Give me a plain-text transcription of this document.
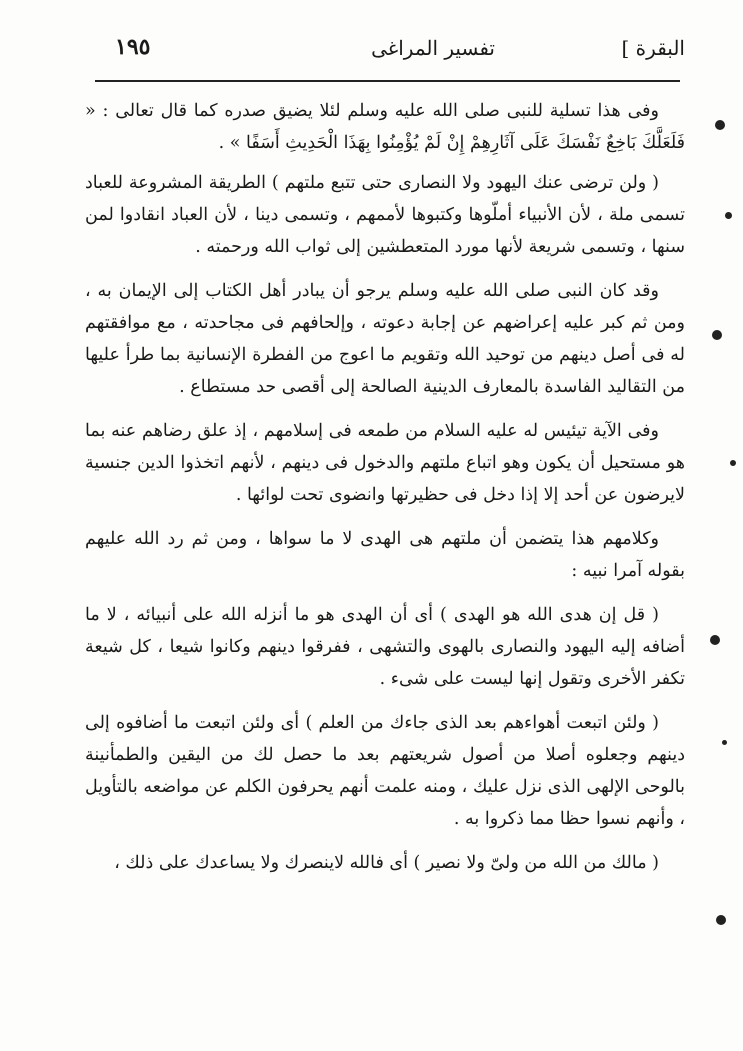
البقرة ]
تفسير المراغى
١٩٥

وفى هذا تسلية للنبى صلى الله عليه وسلم لئلا يضيق صدره كما قال تعالى : « فَلَعَلَّكَ بَاخِعٌ نَفْسَكَ عَلَى آثَارِهِمْ إِنْ لَمْ يُؤْمِنُوا بِهَذَا الْحَدِيثِ أَسَفًا » .

( ولن ترضى عنك اليهود ولا النصارى حتى تتبع ملتهم ) الطريقة المشروعة للعباد تسمى ملة ، لأن الأنبياء أملّوها وكتبوها لأممهم ، وتسمى دينا ، لأن العباد انقادوا لمن سنها ، وتسمى شريعة لأنها مورد المتعطشين إلى ثواب الله ورحمته .

وقد كان النبى صلى الله عليه وسلم يرجو أن يبادر أهل الكتاب إلى الإيمان به ، ومن ثم كبر عليه إعراضهم عن إجابة دعوته ، وإلحافهم فى مجاحدته ، مع موافقتهم له فى أصل دينهم من توحيد الله وتقويم ما اعوج من الفطرة الإنسانية بما طرأ عليها من التقاليد الفاسدة بالمعارف الدينية الصالحة إلى أقصى حد مستطاع .

وفى الآية تيئيس له عليه السلام من طمعه فى إسلامهم ، إذ علق رضاهم عنه بما هو مستحيل أن يكون وهو اتباع ملتهم والدخول فى دينهم ، لأنهم اتخذوا الدين جنسية لايرضون عن أحد إلا إذا دخل فى حظيرتها وانضوى تحت لوائها .

وكلامهم هذا يتضمن أن ملتهم هى الهدى لا ما سواها ، ومن ثم رد الله عليهم بقوله آمرا نبيه :

( قل إن هدى الله هو الهدى ) أى أن الهدى هو ما أنزله الله على أنبيائه ، لا ما أضافه إليه اليهود والنصارى بالهوى والتشهى ، ففرقوا دينهم وكانوا شيعا ، كل شيعة تكفر الأخرى وتقول إنها ليست على شىء .

( ولئن اتبعت أهواءهم بعد الذى جاءك من العلم ) أى ولئن اتبعت ما أضافوه إلى دينهم وجعلوه أصلا من أصول شريعتهم بعد ما حصل لك من اليقين والطمأنينة بالوحى الإلهى الذى نزل عليك ، ومنه علمت أنهم يحرفون الكلم عن مواضعه بالتأويل ، وأنهم نسوا حظا مما ذكروا به .

( مالك من الله من ولىّ ولا نصير ) أى فالله لاينصرك ولا يساعدك على ذلك ،
